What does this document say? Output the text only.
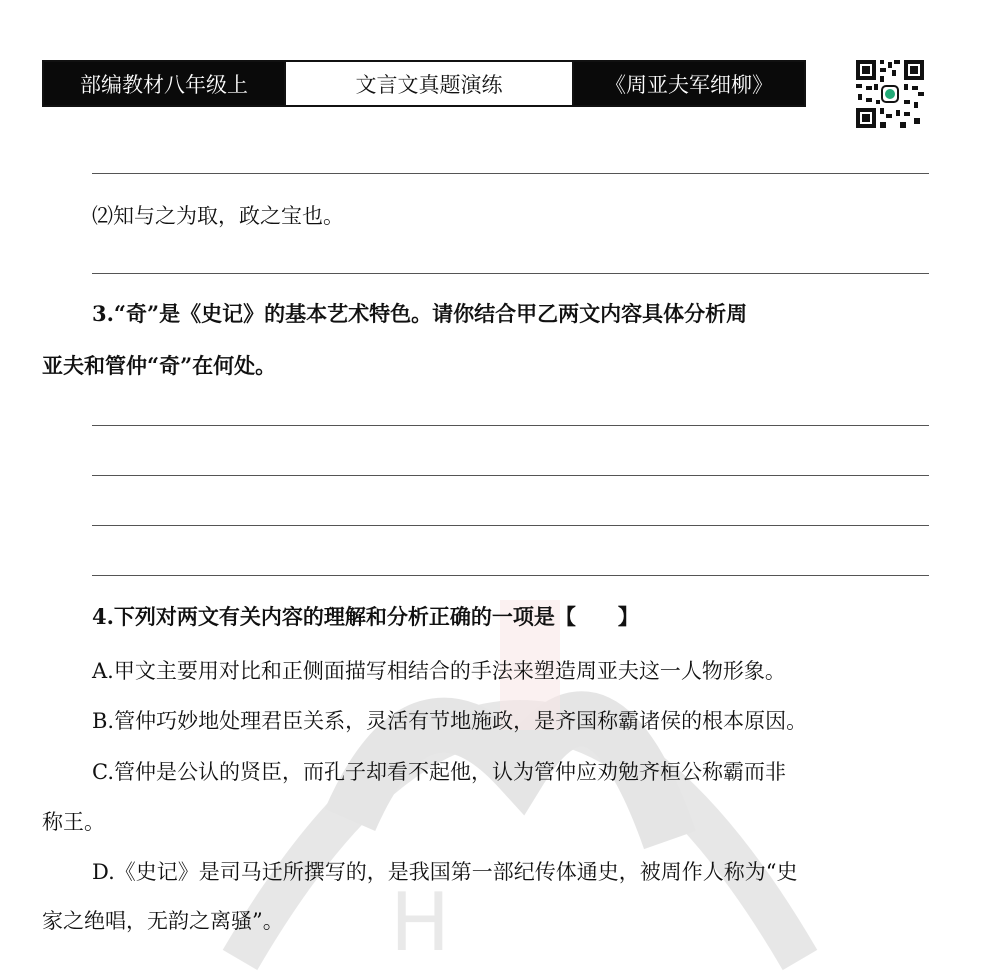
H
部编教材八年级上	文言文真题演练	《周亚夫军细柳》
⑵知与之为取，政之宝也。
3.“奇”是《史记》的基本艺术特色。请你结合甲乙两文内容具体分析周
亚夫和管仲“奇”在何处。
4.下列对两文有关内容的理解和分析正确的一项是【　　】
A.甲文主要用对比和正侧面描写相结合的手法来塑造周亚夫这一人物形象。
B.管仲巧妙地处理君臣关系，灵活有节地施政，是齐国称霸诸侯的根本原因。
C.管仲是公认的贤臣，而孔子却看不起他，认为管仲应劝勉齐桓公称霸而非
称王。
D.《史记》是司马迁所撰写的，是我国第一部纪传体通史，被周作人称为“史
家之绝唱，无韵之离骚”。
